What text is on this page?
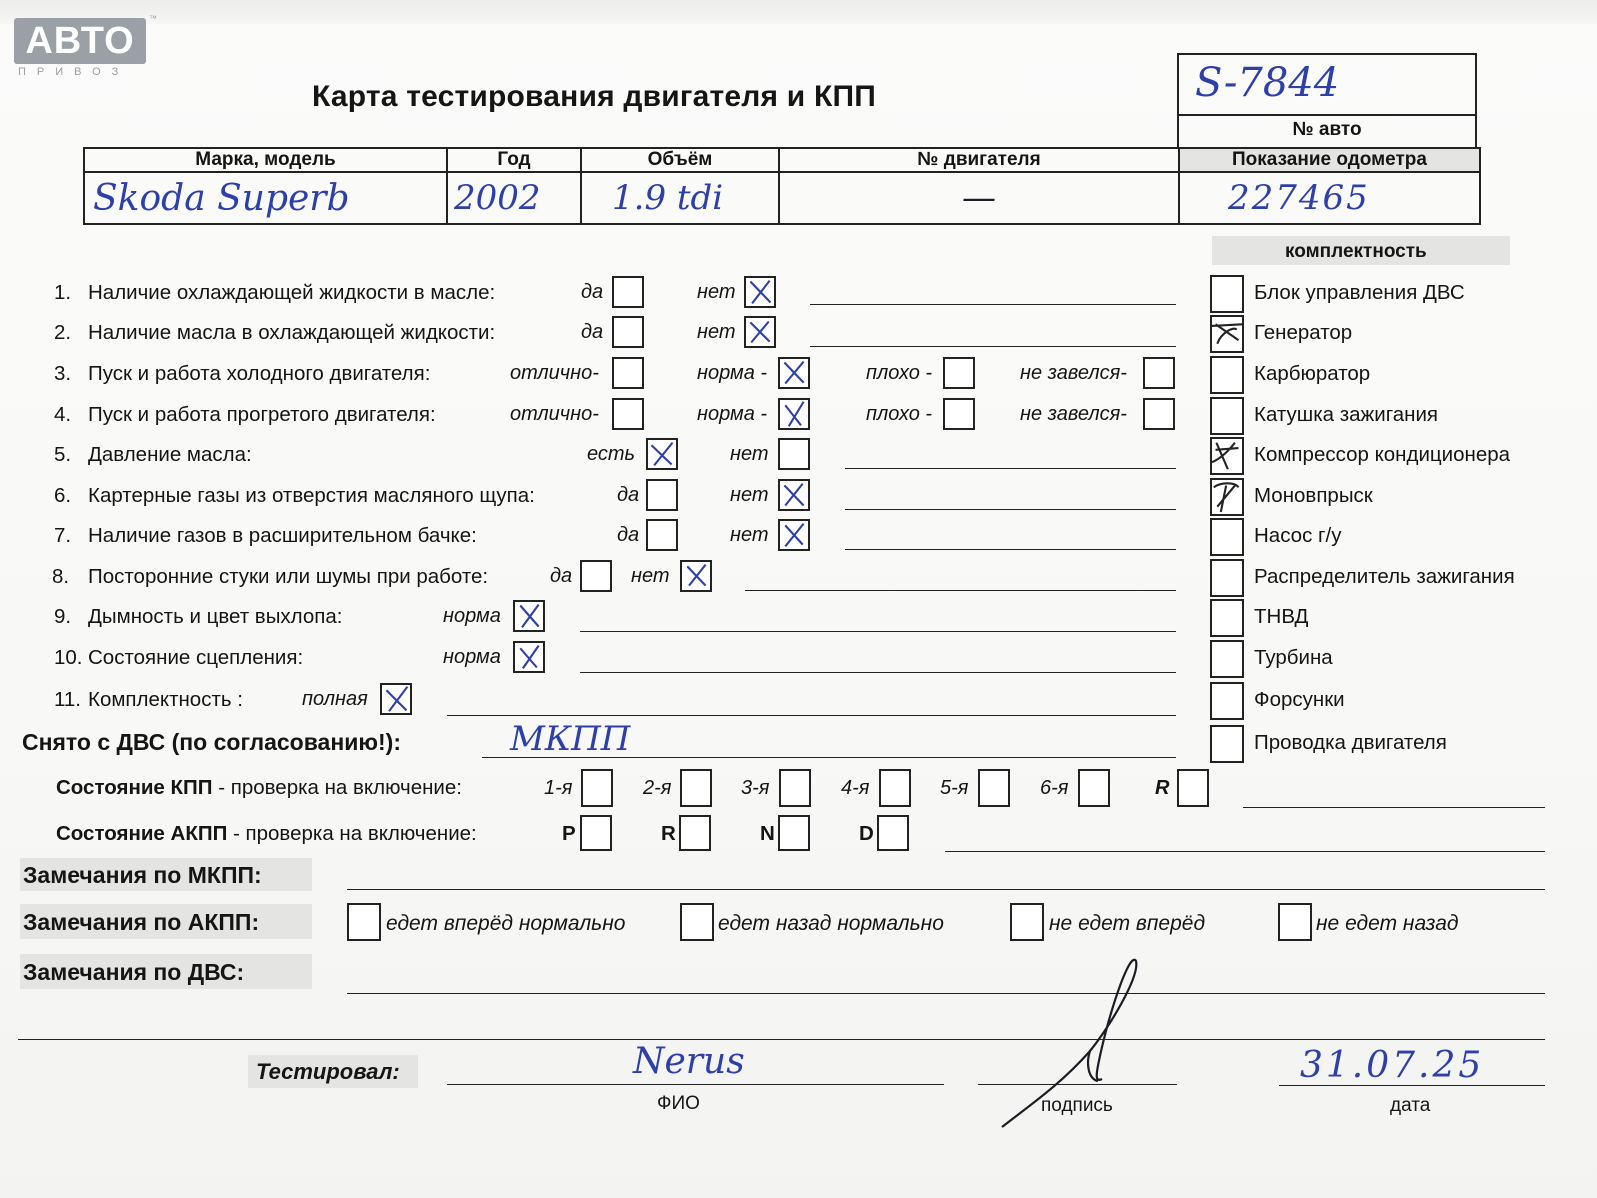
АВТО
ПРИВОЗ
™
Карта тестирования двигателя и КПП	S-7844
№ авто
Марка, модель	Год	Объём	№ двигателя	Показание одометра
Skoda Superb	2002	1.9 tdi	—	227465
комплектность
1. Наличие охлаждающей жидкости в масле:	да	нет
2. Наличие масла в охлаждающей жидкости:	да	нет
3. Пуск и работа холодного двигателя:	отлично-	норма -	плохо -	не завелся-
4. Пуск и работа прогретого двигателя:	отлично-	норма -	плохо -	не завелся-
5. Давление масла:	есть	нет
6. Картерные газы из отверстия масляного щупа:	да	нет
7. Наличие газов в расширительном бачке:	да	нет
8. Посторонние стуки или шумы при работе:	да	нет
9. Дымность и цвет выхлопа:	норма
10. Состояние сцепления:	норма
11. Комплектность :	полная
Блок управления ДВС
Генератор
Карбюратор
Катушка зажигания
Компрессор кондиционера
Моновпрыск
Насос г/у
Распределитель зажигания
ТНВД
Турбина
Форсунки
Проводка двигателя
Снято с ДВС (по согласованию!):	МКПП
Состояние КПП - проверка на включение:	1-я	2-я	3-я	4-я	5-я	6-я	R
Состояние АКПП - проверка на включение:	P	R	N	D
Замечания по МКПП:
Замечания по АКПП:	едет вперёд нормально	едет назад нормально	не едет вперёд	не едет назад
Замечания по ДВС:
Тестировал:	Nerus
ФИО	подпись
31.07.25
дата
